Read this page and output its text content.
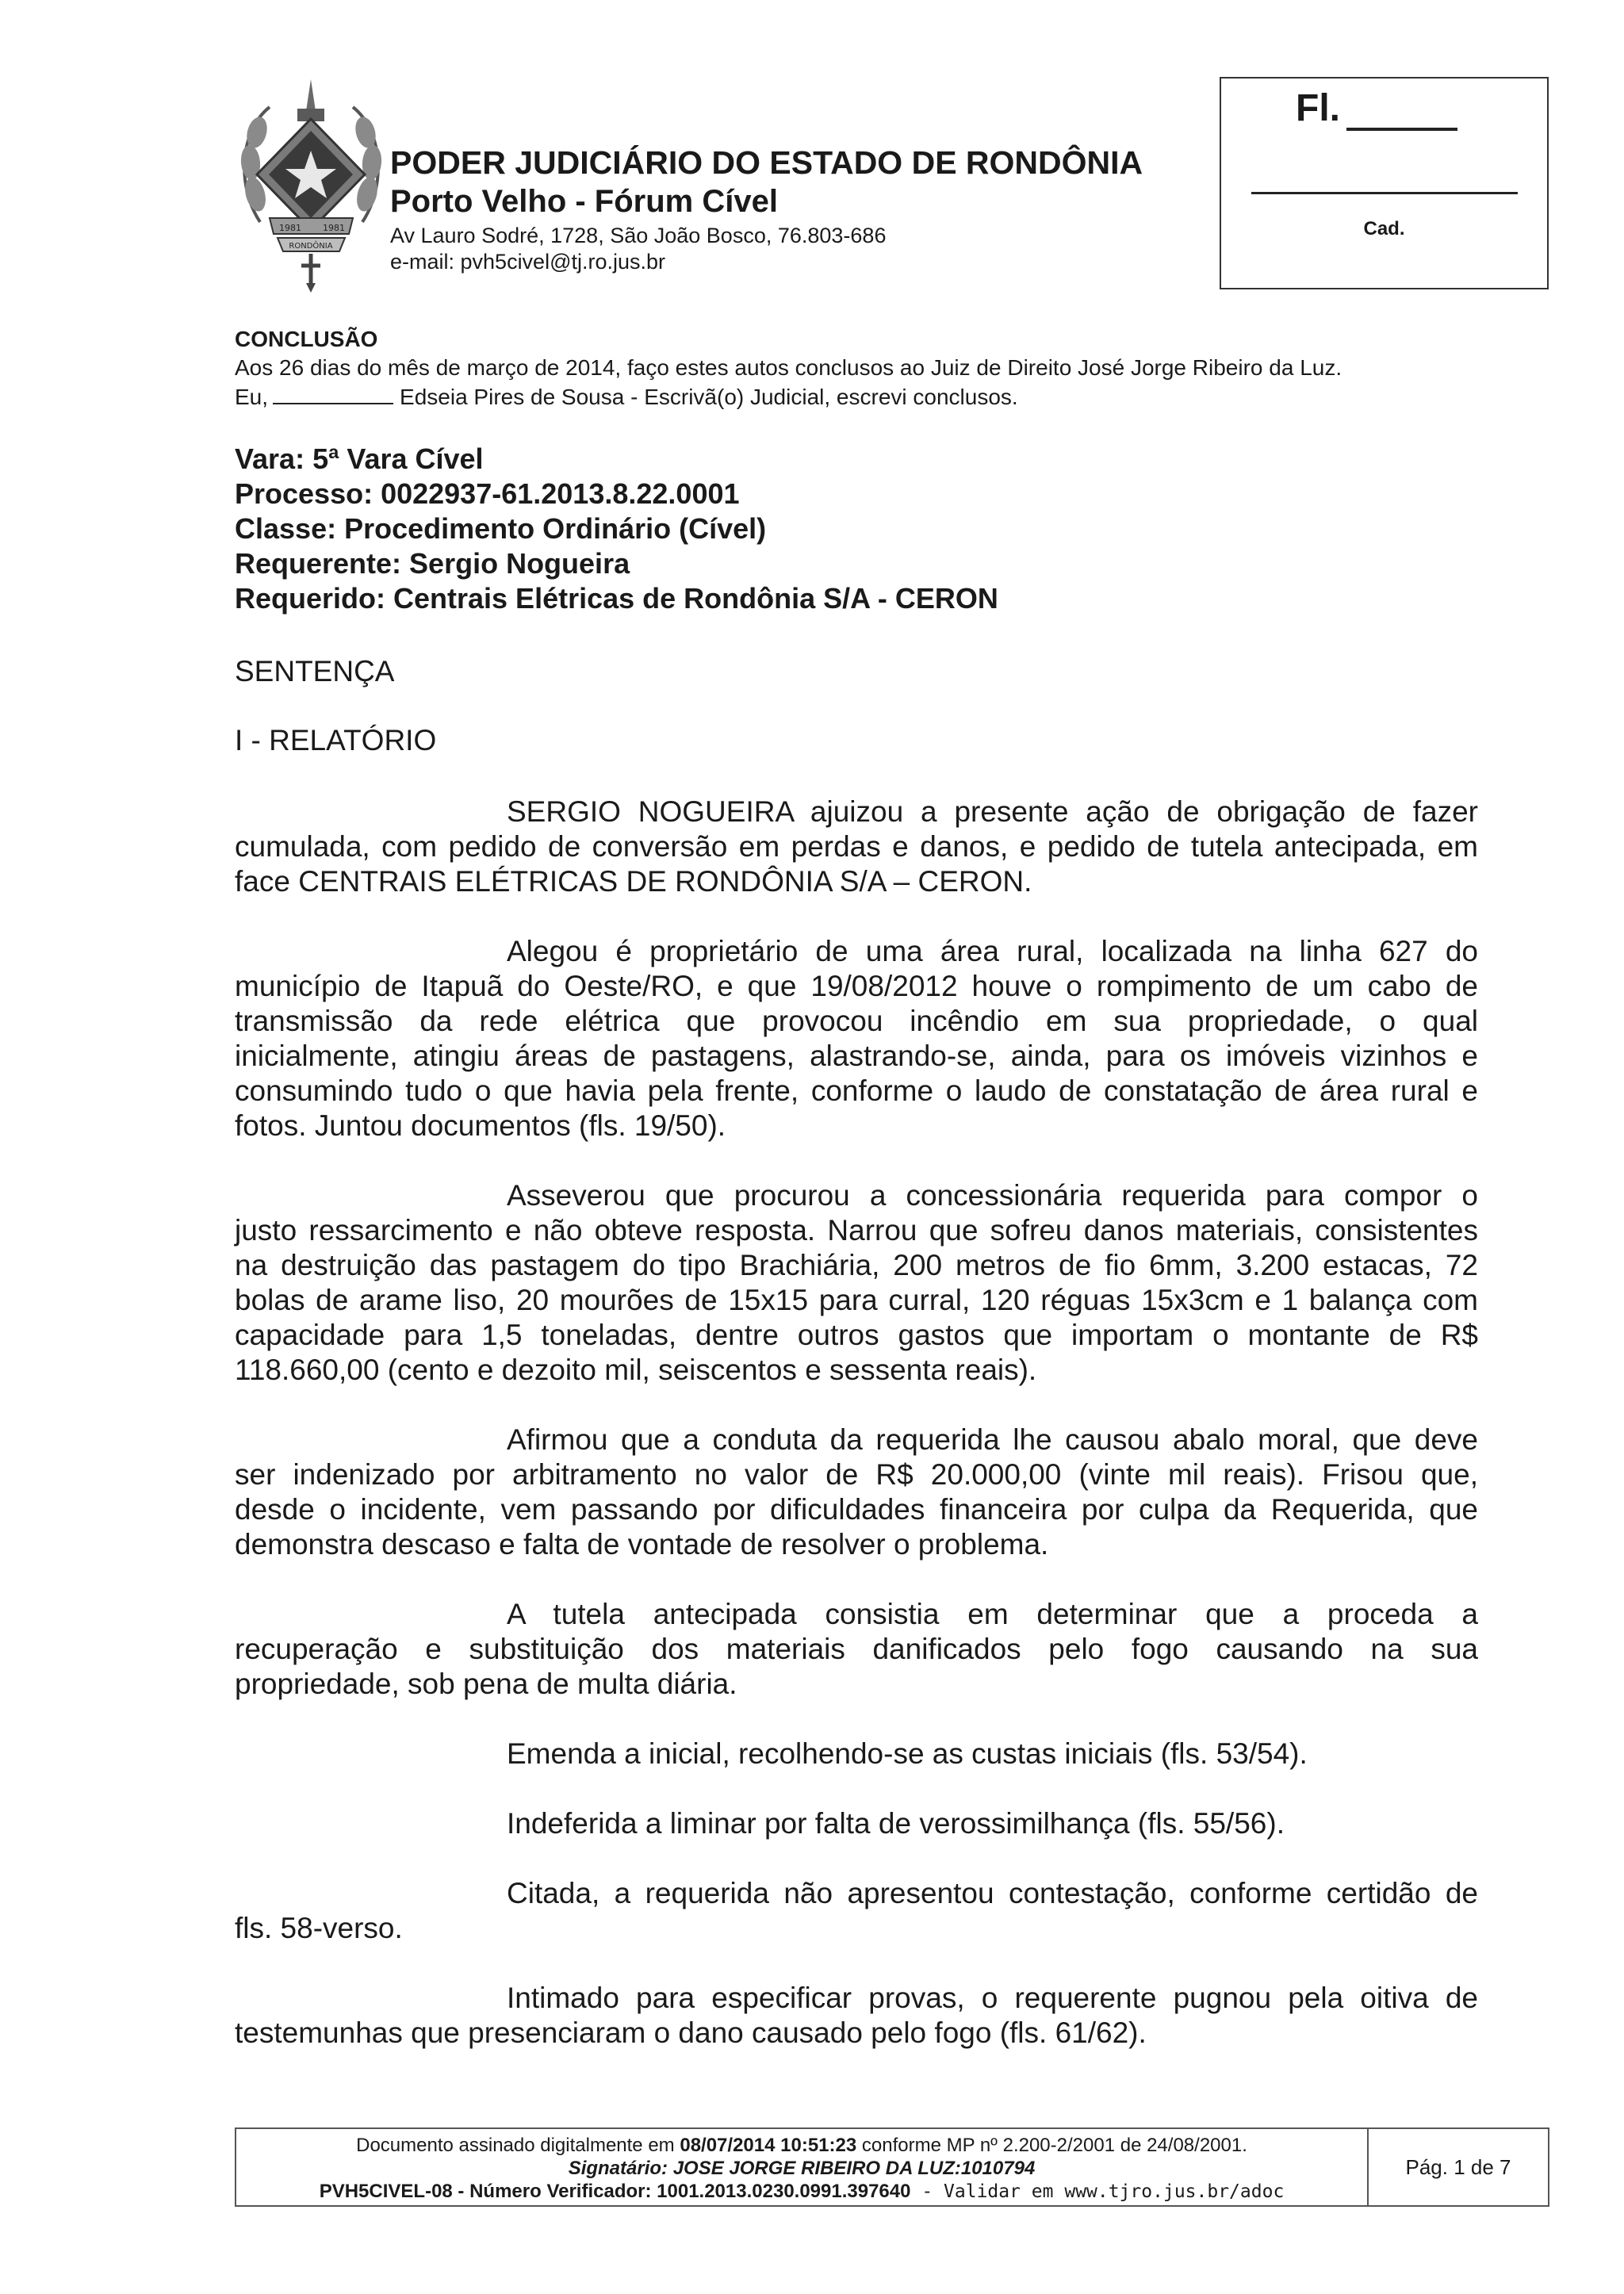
1981 1981
RONDÔNIA
PODER JUDICIÁRIO DO ESTADO DE RONDÔNIA
Porto Velho - Fórum Cível
Av Lauro Sodré, 1728, São João Bosco, 76.803-686
e-mail: pvh5civel@tj.ro.jus.br
Fl.
Cad.
CONCLUSÃO
Aos 26 dias do mês de março de 2014, faço estes autos conclusos ao Juiz de Direito José Jorge Ribeiro da Luz.
Eu,	Edseia Pires de Sousa - Escrivã(o) Judicial, escrevi conclusos.
Vara: 5ª Vara Cível
Processo: 0022937-61.2013.8.22.0001
Classe: Procedimento Ordinário (Cível)
Requerente: Sergio Nogueira
Requerido: Centrais Elétricas de Rondônia S/A - CERON
SENTENÇA
I - RELATÓRIO
SERGIO NOGUEIRA ajuizou a presente ação de obrigação de fazer
cumulada, com pedido de conversão em perdas e danos, e pedido de tutela antecipada, em
face CENTRAIS ELÉTRICAS DE RONDÔNIA S/A – CERON.
Alegou é proprietário de uma área rural, localizada na linha 627 do
município de Itapuã do Oeste/RO, e que 19/08/2012 houve o rompimento de um cabo de
transmissão da rede elétrica que provocou incêndio em sua propriedade, o qual
inicialmente, atingiu áreas de pastagens, alastrando-se, ainda, para os imóveis vizinhos e
consumindo tudo o que havia pela frente, conforme o laudo de constatação de área rural e
fotos. Juntou documentos (fls. 19/50).
Asseverou que procurou a concessionária requerida para compor o
justo ressarcimento e não obteve resposta. Narrou que sofreu danos materiais, consistentes
na destruição das pastagem do tipo Brachiária, 200 metros de fio 6mm, 3.200 estacas, 72
bolas de arame liso, 20 mourões de 15x15 para curral, 120 réguas 15x3cm e 1 balança com
capacidade para 1,5 toneladas, dentre outros gastos que importam o montante de R$
118.660,00 (cento e dezoito mil, seiscentos e sessenta reais).
Afirmou que a conduta da requerida lhe causou abalo moral, que deve
ser indenizado por arbitramento no valor de R$ 20.000,00 (vinte mil reais). Frisou que,
desde o incidente, vem passando por dificuldades financeira por culpa da Requerida, que
demonstra descaso e falta de vontade de resolver o problema.
A tutela antecipada consistia em determinar que a proceda a
recuperação e substituição dos materiais danificados pelo fogo causando na sua
propriedade, sob pena de multa diária.
Emenda a inicial, recolhendo-se as custas iniciais (fls. 53/54).
Indeferida a liminar por falta de verossimilhança (fls. 55/56).
Citada, a requerida não apresentou contestação, conforme certidão de
fls. 58-verso.
Intimado para especificar provas, o requerente pugnou pela oitiva de
testemunhas que presenciaram o dano causado pelo fogo (fls. 61/62).
Documento assinado digitalmente em 08/07/2014 10:51:23 conforme MP nº 2.200-2/2001 de 24/08/2001.
Signatário: JOSE JORGE RIBEIRO DA LUZ:1010794
PVH5CIVEL-08 - Número Verificador: 1001.2013.0230.0991.397640 - Validar em www.tjro.jus.br/adoc
Pág. 1 de 7
